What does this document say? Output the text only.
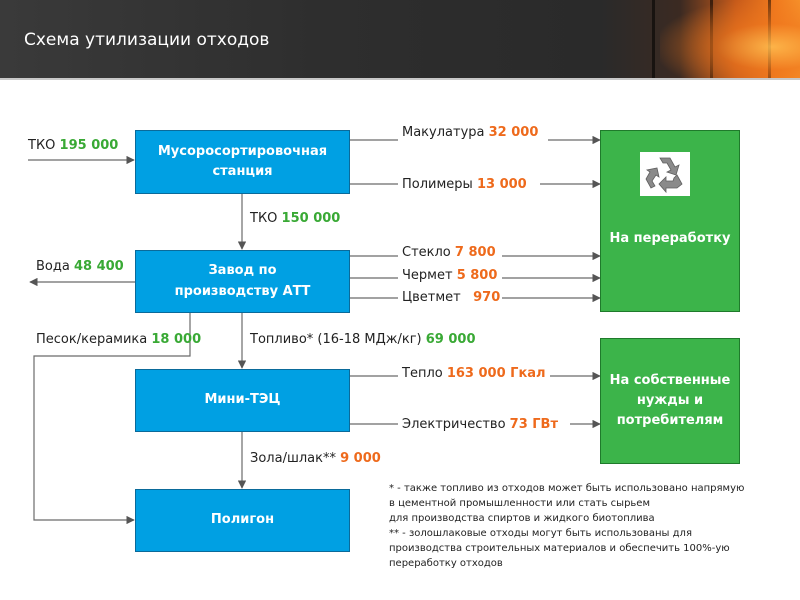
Схема утилизации отходов
Мусоросортировочная
станция
Завод по
производству АТТ
Мини-ТЭЦ
Полигон
На переработку
На собственные
нужды и
потребителям
ТКО 195 000
Макулатура 32 000
Полимеры 13 000
ТКО 150 000
Вода 48 400
Стекло 7 800
Чермет 5 800
Цветмет   970
Песок/керамика 18 000	Топливо* (16-18 МДж/кг) 69 000
Тепло 163 000 Гкал
Электричество 73 ГВт
Зола/шлак** 9 000
* - также топливо из отходов может быть использовано напрямую
в цементной промышленности или стать сырьем
для производства спиртов и жидкого биотоплива
** - золошлаковые отходы могут быть использованы для
производства строительных материалов и обеспечить 100%-ую
переработку отходов
